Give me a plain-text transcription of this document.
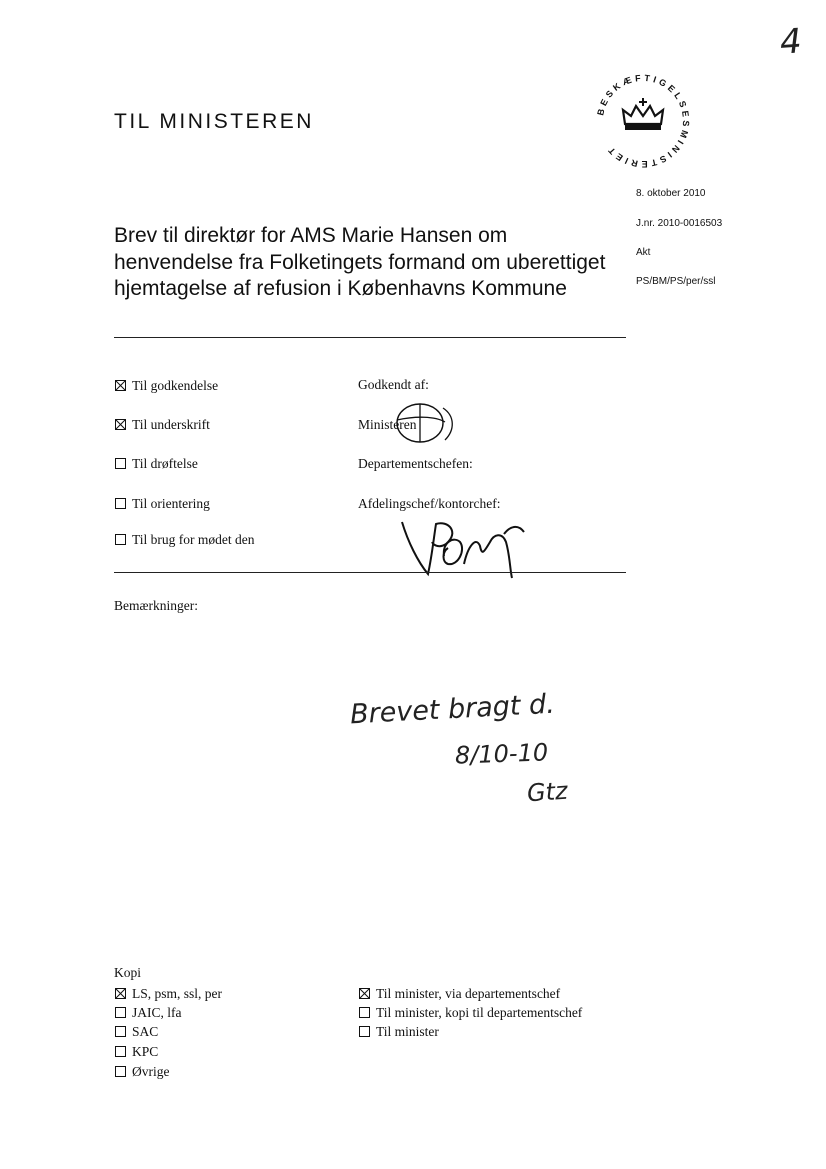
4
TIL MINISTEREN	BESKÆFTIGELSESMINISTERIET
8. oktober 2010
J.nr. 2010-0016503
Akt
PS/BM/PS/per/ssl
Brev til direktør for AMS Marie Hansen om henvendelse fra Folketingets formand om uberettiget hjemtagelse af refusion i Københavns Kommune
Til godkendelse
Til underskrift
Til drøftelse
Til orientering
Til brug for mødet den
Godkendt af:
Ministeren
Departementschefen:
Afdelingschef/kontorchef:
Bemærkninger:
Brevet bragt d.
8/10-10
Gtz
Kopi
LS, psm, ssl, per
JAIC, lfa
SAC
KPC
Øvrige
Til minister, via departementschef
Til minister, kopi til departementschef
Til minister
